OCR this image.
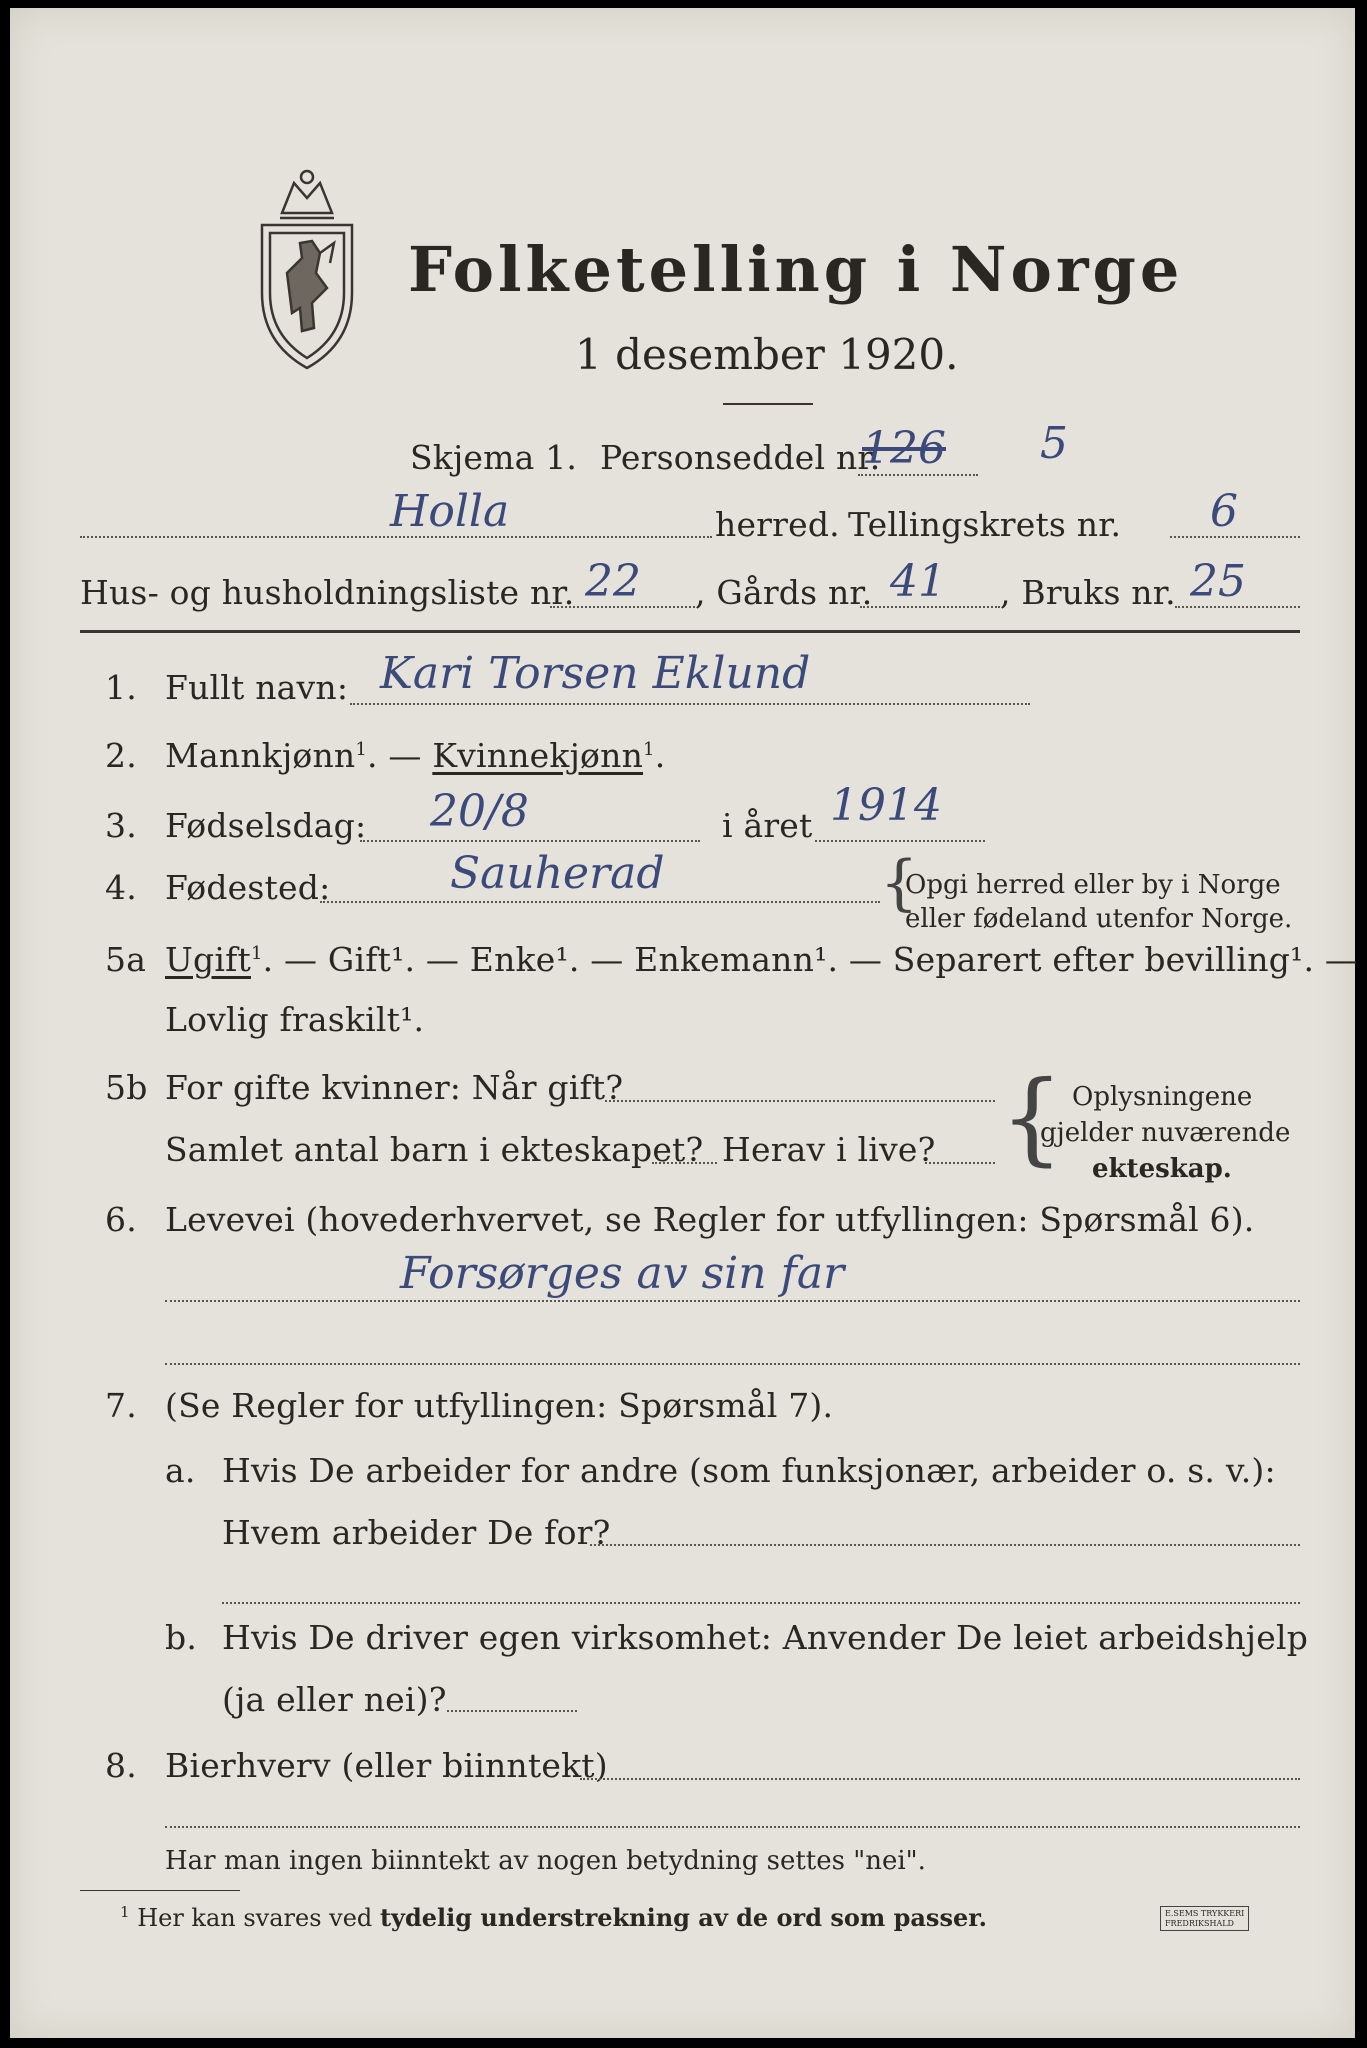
Folketelling i Norge
1 desember 1920.
Skjema 1. Personseddel nr.
126 5
Holla	herred. Tellingskrets nr. 6
Hus- og husholdningsliste nr. 22 , Gårds nr. 41 , Bruks nr. 25
1. Fullt navn: Kari Torsen Eklund
2. Mannkjønn$^1$. — Kvinnekjønn$^1$.
3. Fødselsdag: 20/8	i året 1914
4. Fødested:	Sauherad	{
Opgi herred eller by i Norge
eller fødeland utenfor Norge.
5a Ugift$^1$. — Gift¹. — Enke¹. — Enkemann¹. — Separert efter bevilling¹. —
Lovlig fraskilt¹.
5b For gifte kvinner: Når gift?
Samlet antal barn i ekteskapet? Herav i live? { Oplysningene
gjelder nuværende
ekteskap.
6. Levevei (hovederhvervet, se Regler for utfyllingen: Spørsmål 6).
Forsørges av sin far
7. (Se Regler for utfyllingen: Spørsmål 7).
a. Hvis De arbeider for andre (som funksjonær, arbeider o. s. v.):
Hvem arbeider De for?
b. Hvis De driver egen virksomhet: Anvender De leiet arbeidshjelp
(ja eller nei)?
8. Bierhverv (eller biinntekt)
Har man ingen biinntekt av nogen betydning settes "nei".
$^1$ Her kan svares ved tydelig understrekning av de ord som passer.	E.SEMS TRYKKERI
FREDRIKSHALD
